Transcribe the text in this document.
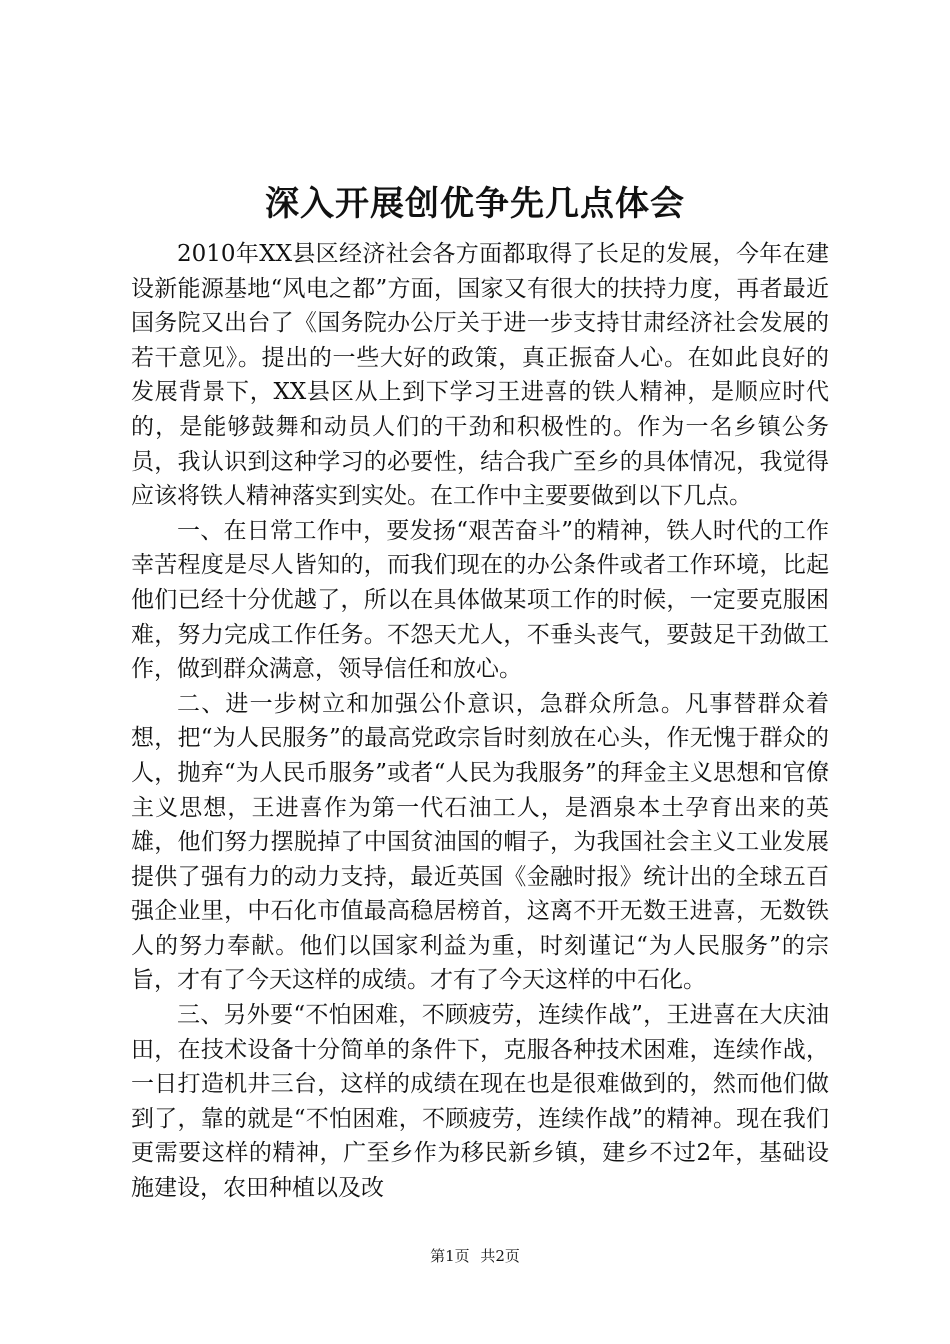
深入开展创优争先几点体会

2010年XX县区经济社会各方面都取得了长足的发展，今年在建设新能源基地“风电之都”方面，国家又有很大的扶持力度，再者最近国务院又出台了《国务院办公厅关于进一步支持甘肃经济社会发展的若干意见》。提出的一些大好的政策，真正振奋人心。在如此良好的发展背景下，XX县区从上到下学习王进喜的铁人精神，是顺应时代的，是能够鼓舞和动员人们的干劲和积极性的。作为一名乡镇公务员，我认识到这种学习的必要性，结合我广至乡的具体情况，我觉得应该将铁人精神落实到实处。在工作中主要要做到以下几点。

一、在日常工作中，要发扬“艰苦奋斗”的精神，铁人时代的工作幸苦程度是尽人皆知的，而我们现在的办公条件或者工作环境，比起他们已经十分优越了，所以在具体做某项工作的时候，一定要克服困难，努力完成工作任务。不怨天尤人，不垂头丧气，要鼓足干劲做工作，做到群众满意，领导信任和放心。

二、进一步树立和加强公仆意识，急群众所急。凡事替群众着想，把“为人民服务”的最高党政宗旨时刻放在心头，作无愧于群众的人，抛弃“为人民币服务”或者“人民为我服务”的拜金主义思想和官僚主义思想，王进喜作为第一代石油工人，是酒泉本土孕育出来的英雄，他们努力摆脱掉了中国贫油国的帽子，为我国社会主义工业发展提供了强有力的动力支持，最近英国《金融时报》统计出的全球五百强企业里，中石化市值最高稳居榜首，这离不开无数王进喜，无数铁人的努力奉献。他们以国家利益为重，时刻谨记“为人民服务”的宗旨，才有了今天这样的成绩。才有了今天这样的中石化。

三、另外要“不怕困难，不顾疲劳，连续作战”，王进喜在大庆油田，在技术设备十分简单的条件下，克服各种技术困难，连续作战，一日打造机井三台，这样的成绩在现在也是很难做到的，然而他们做到了，靠的就是“不怕困难，不顾疲劳，连续作战”的精神。现在我们更需要这样的精神，广至乡作为移民新乡镇，建乡不过2年，基础设施建设，农田种植以及改

第1页 共2页
